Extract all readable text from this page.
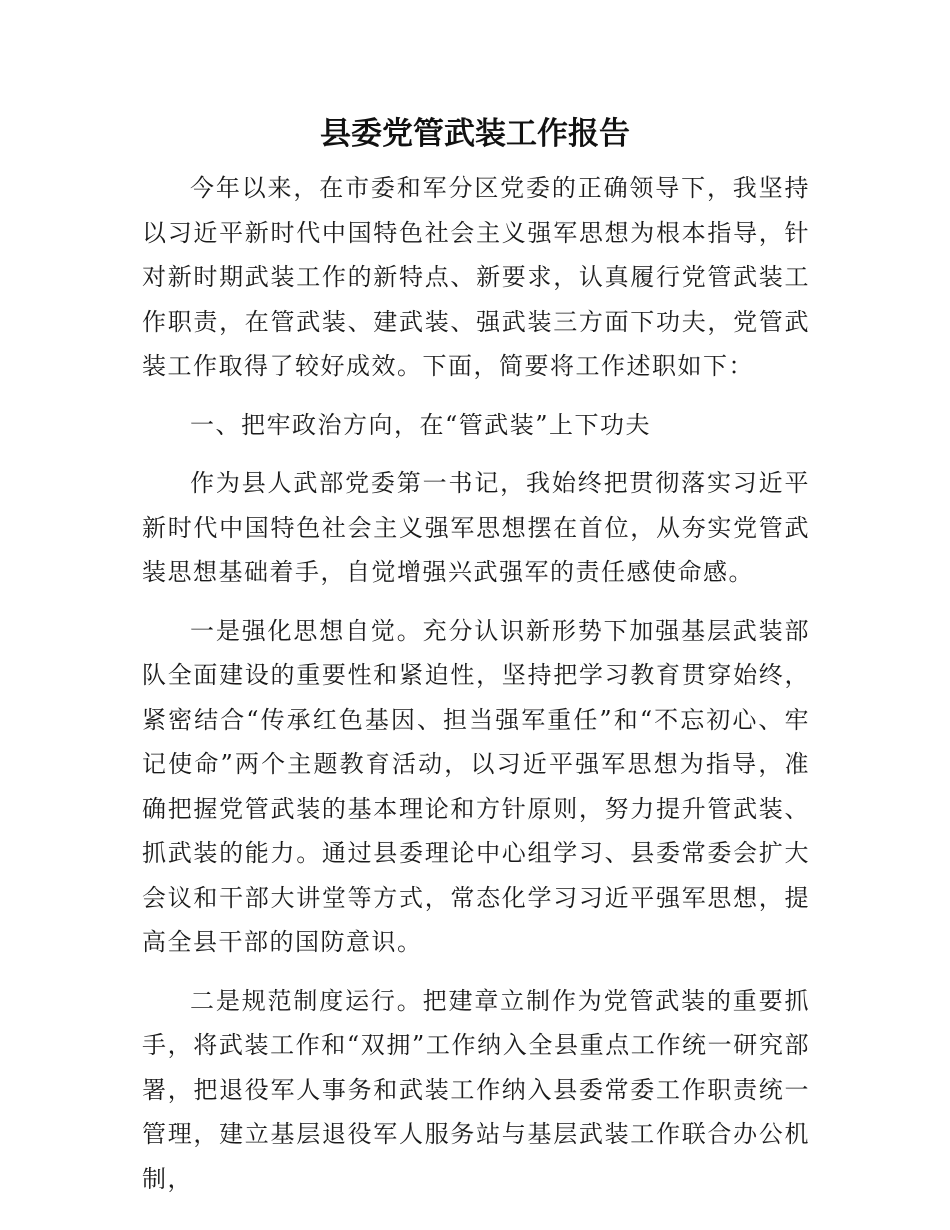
县委党管武装工作报告

今年以来，在市委和军分区党委的正确领导下，我坚持以习近平新时代中国特色社会主义强军思想为根本指导，针对新时期武装工作的新特点、新要求，认真履行党管武装工作职责，在管武装、建武装、强武装三方面下功夫，党管武装工作取得了较好成效。下面，简要将工作述职如下：

一、把牢政治方向，在“管武装”上下功夫

作为县人武部党委第一书记，我始终把贯彻落实习近平新时代中国特色社会主义强军思想摆在首位，从夯实党管武装思想基础着手，自觉增强兴武强军的责任感使命感。

一是强化思想自觉。充分认识新形势下加强基层武装部队全面建设的重要性和紧迫性，坚持把学习教育贯穿始终，紧密结合“传承红色基因、担当强军重任”和“不忘初心、牢记使命”两个主题教育活动，以习近平强军思想为指导，准确把握党管武装的基本理论和方针原则，努力提升管武装、抓武装的能力。通过县委理论中心组学习、县委常委会扩大会议和干部大讲堂等方式，常态化学习习近平强军思想，提高全县干部的国防意识。

二是规范制度运行。把建章立制作为党管武装的重要抓手，将武装工作和“双拥”工作纳入全县重点工作统一研究部署，把退役军人事务和武装工作纳入县委常委工作职责统一管理，建立基层退役军人服务站与基层武装工作联合办公机制，
